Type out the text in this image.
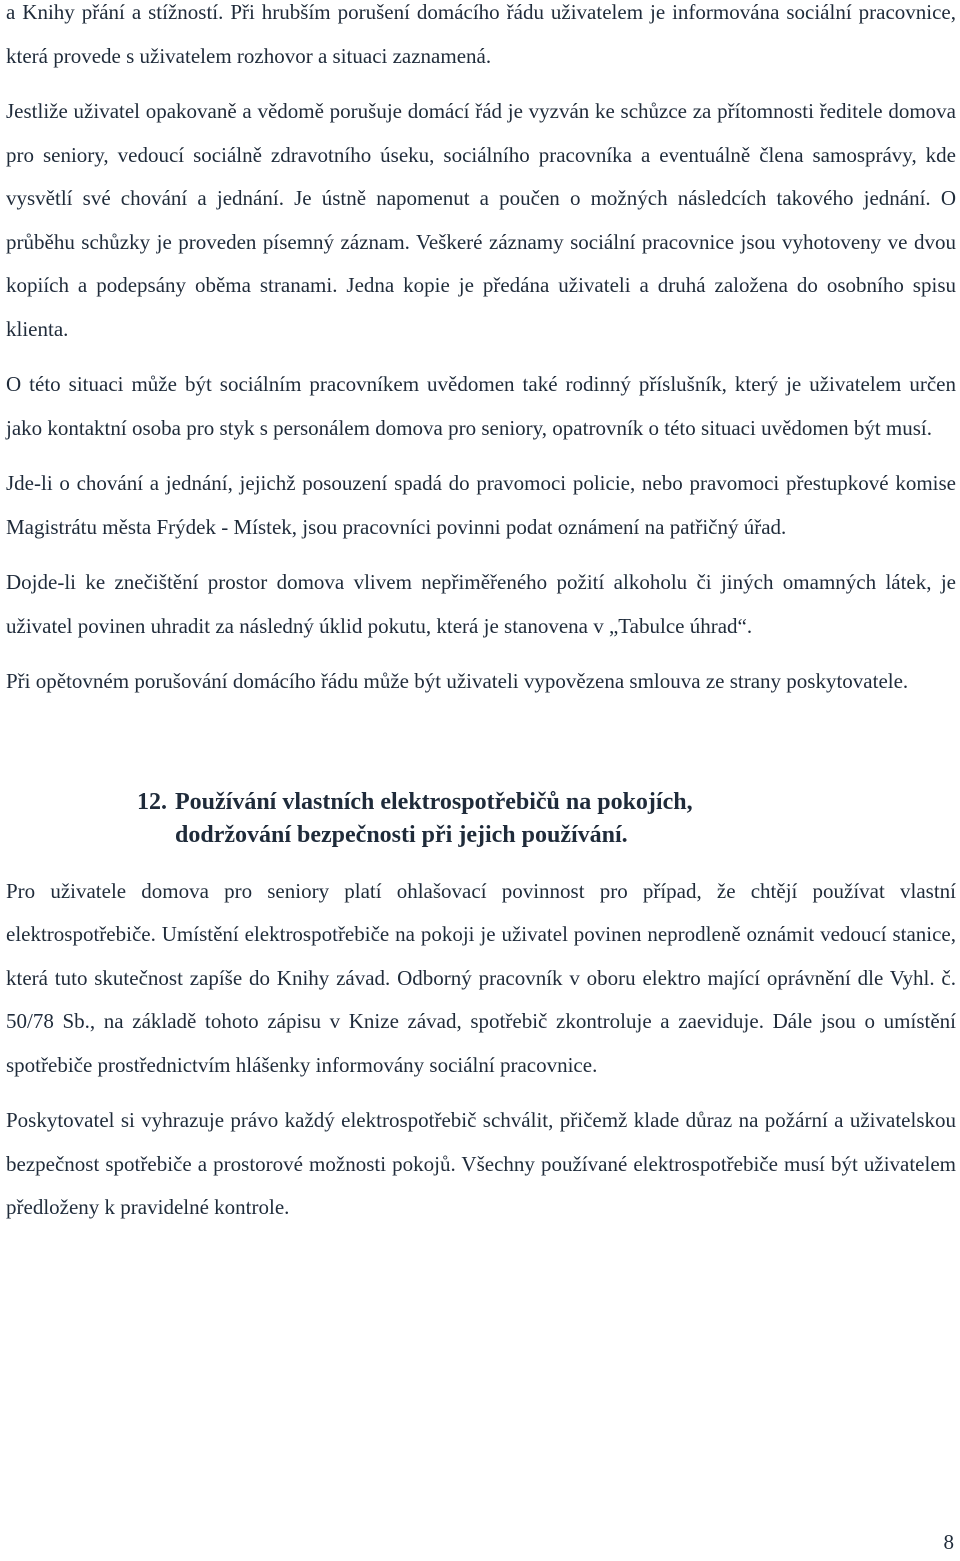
a Knihy přání a stížností. Při hrubším porušení domácího řádu uživatelem je informována sociální pracovnice, která provede s uživatelem rozhovor a situaci zaznamená.

Jestliže uživatel opakovaně a vědomě porušuje domácí řád je vyzván ke schůzce za přítomnosti ředitele domova pro seniory, vedoucí sociálně zdravotního úseku, sociálního pracovníka a eventuálně člena samosprávy, kde vysvětlí své chování a jednání. Je ústně napomenut a poučen o možných následcích takového jednání. O průběhu schůzky je proveden písemný záznam. Veškeré záznamy sociální pracovnice jsou vyhotoveny ve dvou kopiích a podepsány oběma stranami. Jedna kopie je předána uživateli a druhá založena do osobního spisu klienta.

O této situaci může být sociálním pracovníkem uvědomen také rodinný příslušník, který je uživatelem určen jako kontaktní osoba pro styk s personálem domova pro seniory, opatrovník o této situaci uvědomen být musí.

Jde-li o chování a jednání, jejichž posouzení spadá do pravomoci policie, nebo pravomoci přestupkové komise Magistrátu města Frýdek - Místek, jsou pracovníci povinni podat oznámení na patřičný úřad.

Dojde-li ke znečištění prostor domova vlivem nepřiměřeného požití alkoholu či jiných omamných látek, je uživatel povinen uhradit za následný úklid pokutu, která je stanovena v „Tabulce úhrad“.

Při opětovném porušování domácího řádu může být uživateli vypovězena smlouva ze strany poskytovatele.

12. Používání vlastních elektrospotřebičů na pokojích,
dodržování bezpečnosti při jejich používání.

Pro uživatele domova pro seniory platí ohlašovací povinnost pro případ, že chtějí používat vlastní elektrospotřebiče. Umístění elektrospotřebiče na pokoji je uživatel povinen neprodleně oznámit vedoucí stanice, která tuto skutečnost zapíše do Knihy závad. Odborný pracovník v oboru elektro mající oprávnění dle Vyhl. č. 50/78 Sb., na základě tohoto zápisu v Knize závad, spotřebič zkontroluje a zaeviduje. Dále jsou o umístění spotřebiče prostřednictvím hlášenky informovány sociální pracovnice.

Poskytovatel si vyhrazuje právo každý elektrospotřebič schválit, přičemž klade důraz na požární a uživatelskou bezpečnost spotřebiče a prostorové možnosti pokojů. Všechny používané elektrospotřebiče musí být uživatelem předloženy k pravidelné kontrole.

8
